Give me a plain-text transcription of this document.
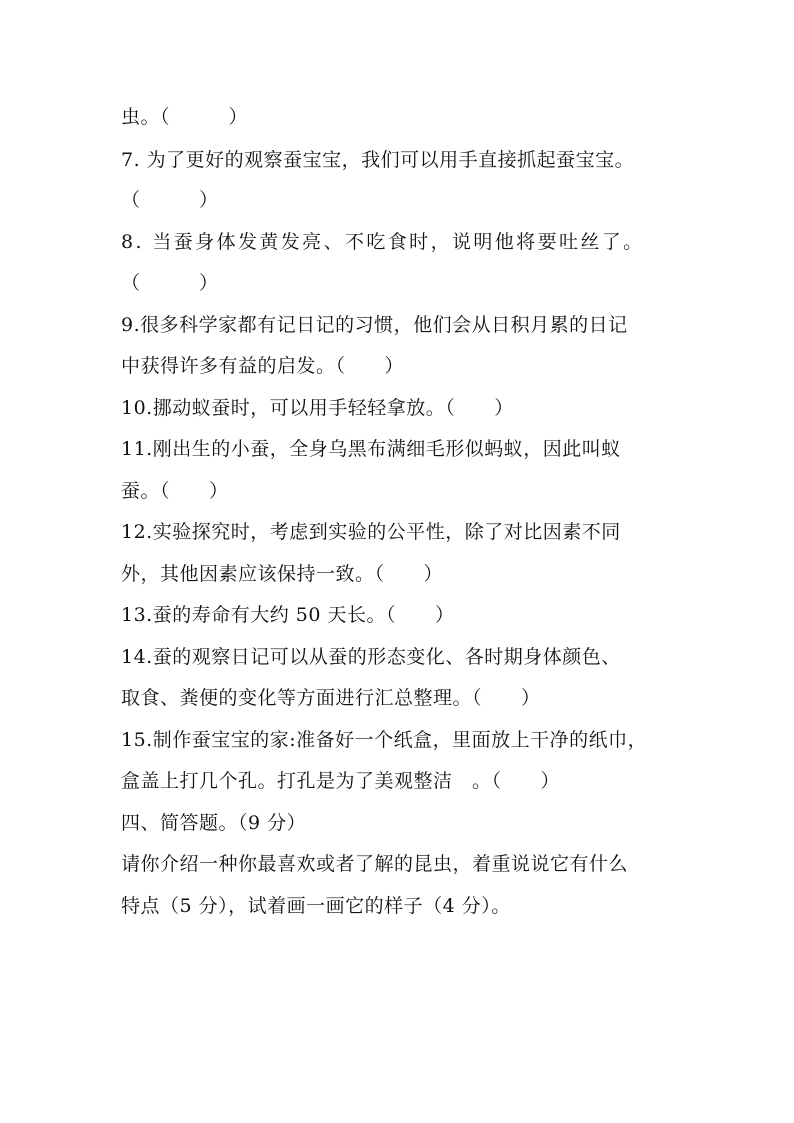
虫。（　　　）
7. 为了更好的观察蚕宝宝，我们可以用手直接抓起蚕宝宝。
（　　　）
8. 当蚕身体发黄发亮、不吃食时，说明他将要吐丝了。
（　　　）
9.很多科学家都有记日记的习惯，他们会从日积月累的日记
中获得许多有益的启发。（　　）
10.挪动蚁蚕时，可以用手轻轻拿放。（　　）
11.刚出生的小蚕，全身乌黑布满细毛形似蚂蚁，因此叫蚁
蚕。（　　）
12.实验探究时，考虑到实验的公平性，除了对比因素不同
外，其他因素应该保持一致。（　　）
13.蚕的寿命有大约 50 天长。（　　）
14.蚕的观察日记可以从蚕的形态变化、各时期身体颜色、
取食、粪便的变化等方面进行汇总整理。（　　）
15.制作蚕宝宝的家:准备好一个纸盒，里面放上干净的纸巾，
盒盖上打几个孔。打孔是为了美观整洁　。（　　）
四、简答题。（9 分）
请你介绍一种你最喜欢或者了解的昆虫，着重说说它有什么
特点（5 分），试着画一画它的样子（4 分）。
